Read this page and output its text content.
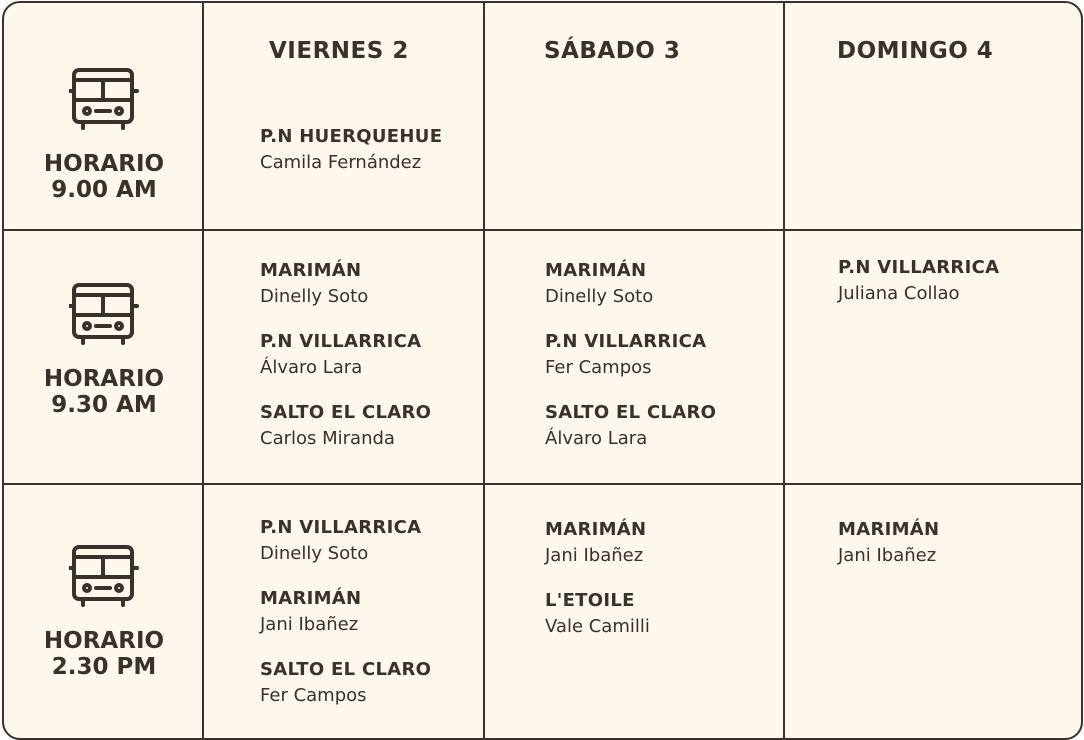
VIERNES 2	SÁBADO 3	DOMINGO 4
HORARIO
9.00 AM
P.N HUERQUEHUE
Camila Fernández
HORARIO
9.30 AM
MARIMÁN
Dinelly Soto
P.N VILLARRICA
Álvaro Lara
SALTO EL CLARO
Carlos Miranda
MARIMÁN
Dinelly Soto
P.N VILLARRICA
Fer Campos
SALTO EL CLARO
Álvaro Lara
P.N VILLARRICA
Juliana Collao
HORARIO
2.30 PM
P.N VILLARRICA
Dinelly Soto
MARIMÁN
Jani Ibañez
SALTO EL CLARO
Fer Campos
MARIMÁN
Jani Ibañez
L'ETOILE
Vale Camilli
MARIMÁN
Jani Ibañez
